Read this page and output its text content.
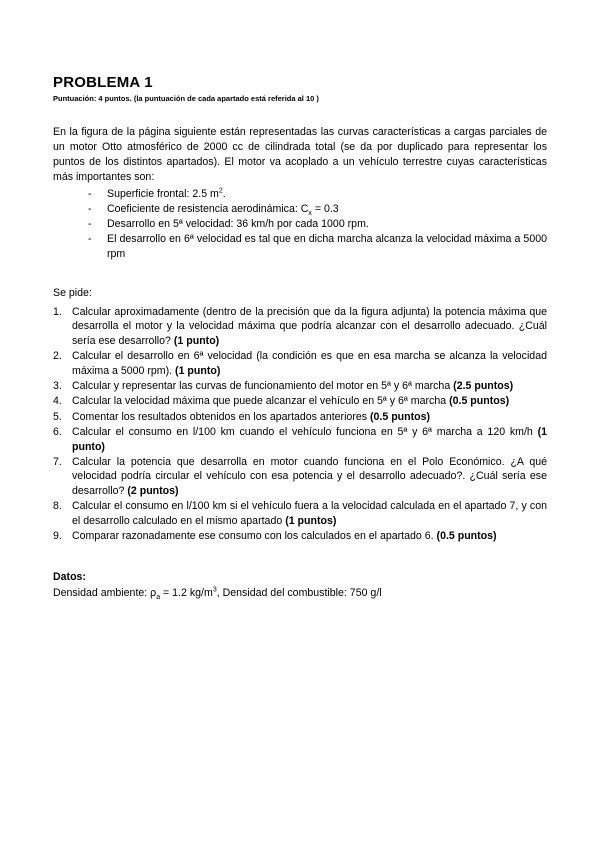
PROBLEMA 1
Puntuación: 4 puntos. (la puntuación de cada apartado está referida al 10 )

En la figura de la página siguiente están representadas las curvas características a cargas parciales de un motor Otto atmosférico de 2000 cc de cilindrada total (se da por duplicado para representar los puntos de los distintos apartados). El motor va acoplado a un vehículo terrestre cuyas características más importantes son:

- Superficie frontal: 2.5 $m^2$.
- Coeficiente de resistencia aerodinámica: $C_x = 0.3$
- Desarrollo en 5ª velocidad: 36 km/h por cada 1000 rpm.
- El desarrollo en 6ª velocidad es tal que en dicha marcha alcanza la velocidad máxima a 5000 rpm
Se pide:
1. Calcular aproximadamente (dentro de la precisión que da la figura adjunta) la potencia máxima que desarrolla el motor y la velocidad máxima que podría alcanzar con el desarrollo adecuado. ¿Cuál sería ese desarrollo? (1 punto)
2. Calcular el desarrollo en 6ª velocidad (la condición es que en esa marcha se alcanza la velocidad máxima a 5000 rpm). (1 punto)
3. Calcular y representar las curvas de funcionamiento del motor en 5ª y 6ª marcha (2.5 puntos)
4. Calcular la velocidad máxima que puede alcanzar el vehículo en 5ª y 6ª marcha (0.5 puntos)
5. Comentar los resultados obtenidos en los apartados anteriores (0.5 puntos)
6. Calcular el consumo en l/100 km cuando el vehículo funciona en 5ª y 6ª marcha a 120 km/h (1 punto)
7. Calcular la potencia que desarrolla en motor cuando funciona en el Polo Económico. ¿A qué velocidad podría circular el vehículo con esa potencia y el desarrollo adecuado?. ¿Cuál sería ese desarrollo? (2 puntos)
8. Calcular el consumo en l/100 km si el vehículo fuera a la velocidad calculada en el apartado 7, y con el desarrollo calculado en el mismo apartado (1 puntos)
9. Comparar razonadamente ese consumo con los calculados en el apartado 6. (0.5 puntos)
Datos:
Densidad ambiente: $\rho_a = 1.2$ $kg/m^3$, Densidad del combustible: 750 g/l
